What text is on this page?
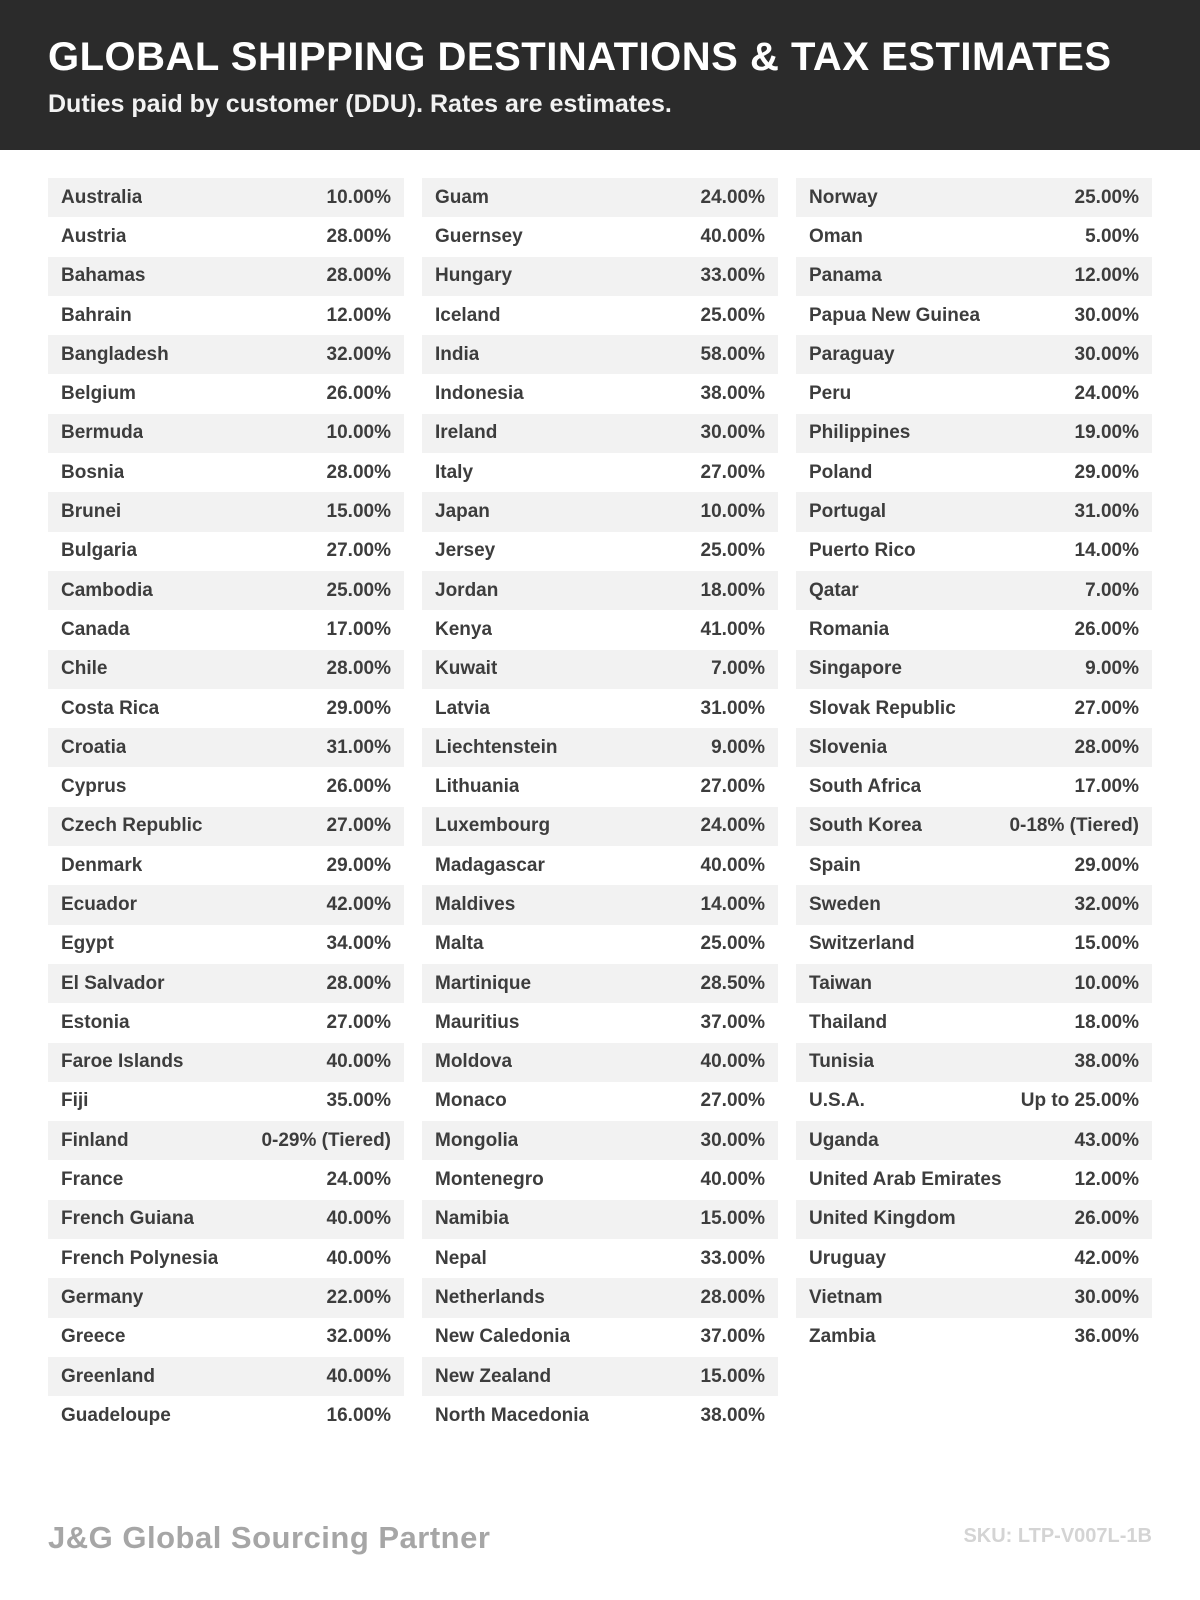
GLOBAL SHIPPING DESTINATIONS & TAX ESTIMATES

Duties paid by customer (DDU). Rates are estimates.

Australia	10.00%
Austria	28.00%
Bahamas	28.00%
Bahrain	12.00%
Bangladesh	32.00%
Belgium	26.00%
Bermuda	10.00%
Bosnia	28.00%
Brunei	15.00%
Bulgaria	27.00%
Cambodia	25.00%
Canada	17.00%
Chile	28.00%
Costa Rica	29.00%
Croatia	31.00%
Cyprus	26.00%
Czech Republic	27.00%
Denmark	29.00%
Ecuador	42.00%
Egypt	34.00%
El Salvador	28.00%
Estonia	27.00%
Faroe Islands	40.00%
Fiji	35.00%
Finland	0-29% (Tiered)
France	24.00%
French Guiana	40.00%
French Polynesia	40.00%
Germany	22.00%
Greece	32.00%
Greenland	40.00%
Guadeloupe	16.00%
Guam	24.00%
Guernsey	40.00%
Hungary	33.00%
Iceland	25.00%
India	58.00%
Indonesia	38.00%
Ireland	30.00%
Italy	27.00%
Japan	10.00%
Jersey	25.00%
Jordan	18.00%
Kenya	41.00%
Kuwait	7.00%
Latvia	31.00%
Liechtenstein	9.00%
Lithuania	27.00%
Luxembourg	24.00%
Madagascar	40.00%
Maldives	14.00%
Malta	25.00%
Martinique	28.50%
Mauritius	37.00%
Moldova	40.00%
Monaco	27.00%
Mongolia	30.00%
Montenegro	40.00%
Namibia	15.00%
Nepal	33.00%
Netherlands	28.00%
New Caledonia	37.00%
New Zealand	15.00%
North Macedonia	38.00%
Norway	25.00%
Oman	5.00%
Panama	12.00%
Papua New Guinea	30.00%
Paraguay	30.00%
Peru	24.00%
Philippines	19.00%
Poland	29.00%
Portugal	31.00%
Puerto Rico	14.00%
Qatar	7.00%
Romania	26.00%
Singapore	9.00%
Slovak Republic	27.00%
Slovenia	28.00%
South Africa	17.00%
South Korea	0-18% (Tiered)
Spain	29.00%
Sweden	32.00%
Switzerland	15.00%
Taiwan	10.00%
Thailand	18.00%
Tunisia	38.00%
U.S.A.	Up to 25.00%
Uganda	43.00%
United Arab Emirates	12.00%
United Kingdom	26.00%
Uruguay	42.00%
Vietnam	30.00%
Zambia	36.00%
J&G Global Sourcing Partner	SKU: LTP-V007L-1B
